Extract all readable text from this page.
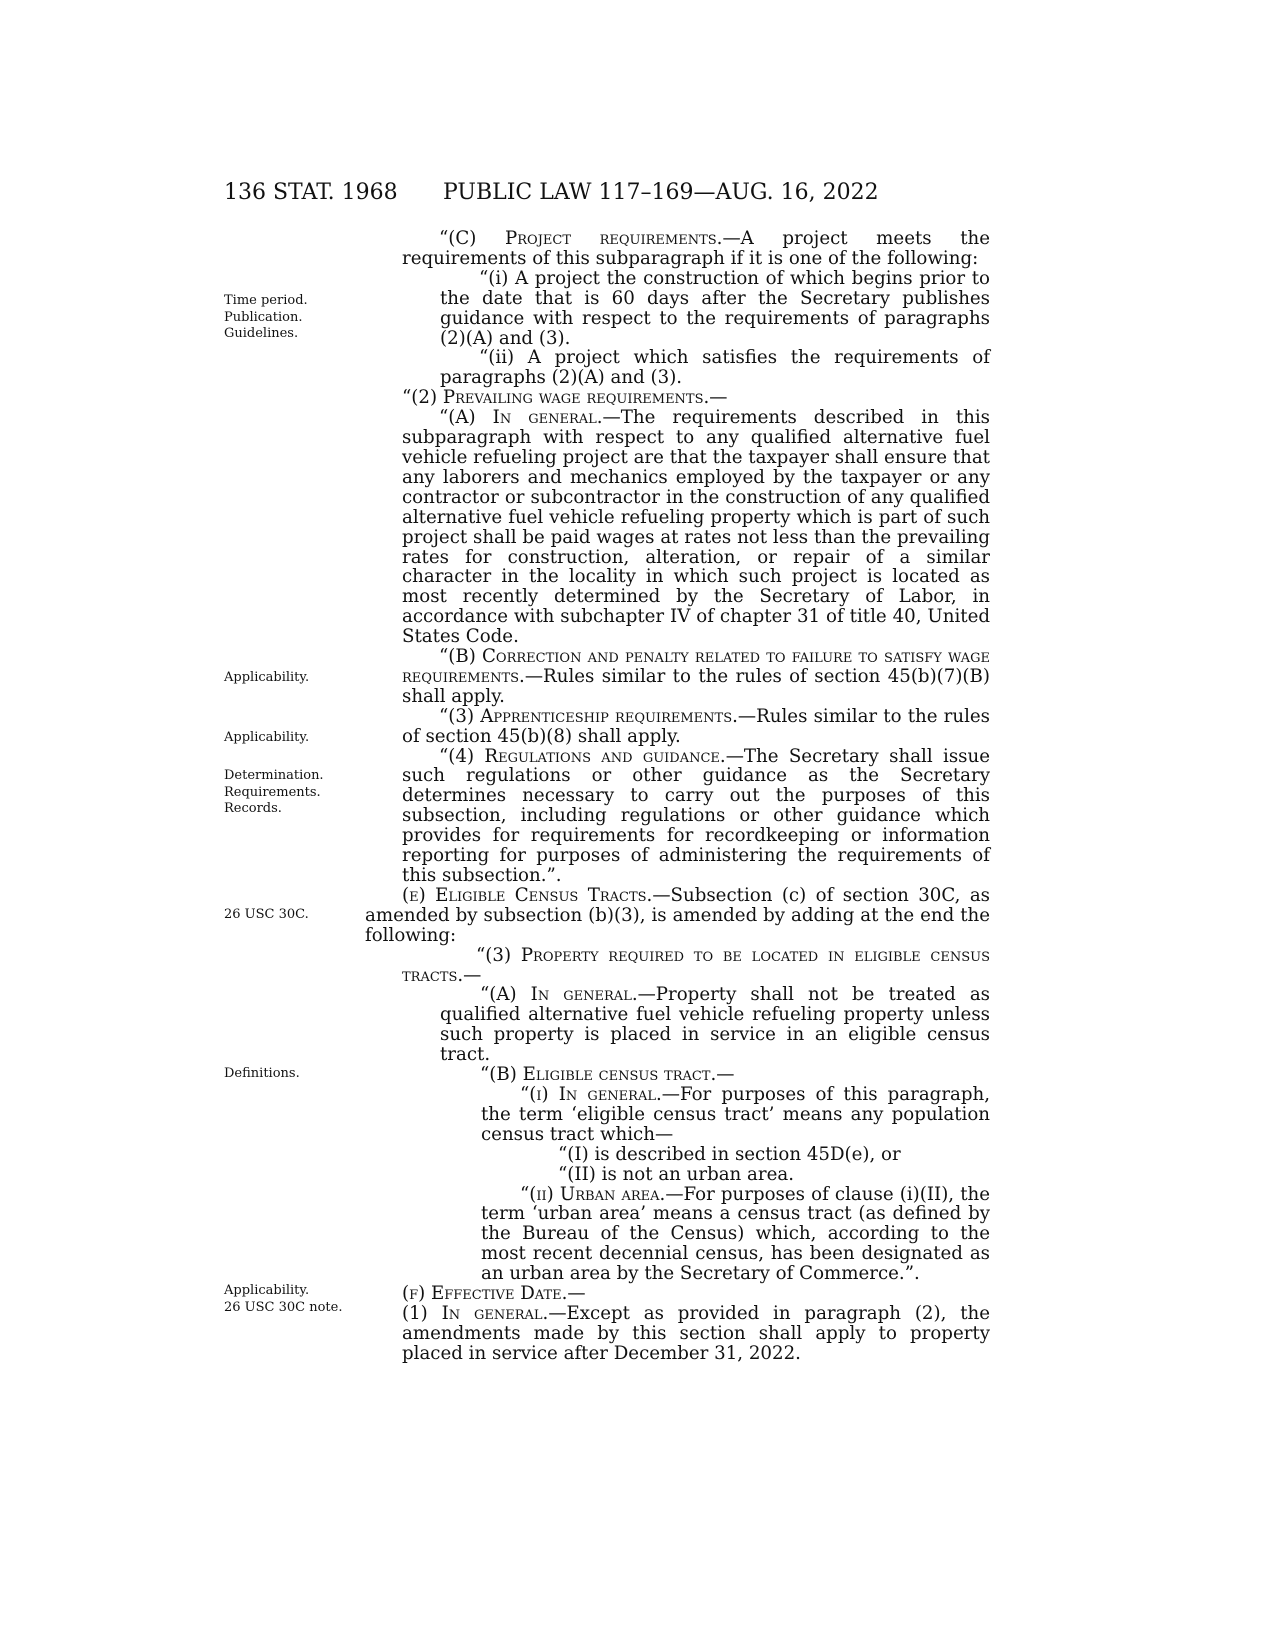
136 STAT. 1968 PUBLIC LAW 117–169—AUG. 16, 2022
Time period.
Publication.
Guidelines.
Applicability.
Applicability.
Determination.
Requirements.
Records.
26 USC 30C.
Definitions.
Applicability.
26 USC 30C note.

“(C) Project requirements.—A project meets the requirements of this subparagraph if it is one of the following:

“(i) A project the construction of which begins prior to the date that is 60 days after the Secretary publishes guidance with respect to the requirements of paragraphs (2)(A) and (3).

“(ii) A project which satisfies the requirements of paragraphs (2)(A) and (3).

“(2) Prevailing wage requirements.—

“(A) In general.—The requirements described in this subparagraph with respect to any qualified alternative fuel vehicle refueling project are that the taxpayer shall ensure that any laborers and mechanics employed by the taxpayer or any contractor or subcontractor in the construction of any qualified alternative fuel vehicle refueling property which is part of such project shall be paid wages at rates not less than the prevailing rates for construction, alteration, or repair of a similar character in the locality in which such project is located as most recently determined by the Secretary of Labor, in accordance with subchapter IV of chapter 31 of title 40, United States Code.

“(B) Correction and penalty related to failure to satisfy wage requirements.—Rules similar to the rules of section 45(b)(7)(B) shall apply.

“(3) Apprenticeship requirements.—Rules similar to the rules of section 45(b)(8) shall apply.

“(4) Regulations and guidance.—The Secretary shall issue such regulations or other guidance as the Secretary determines necessary to carry out the purposes of this subsection, including regulations or other guidance which provides for requirements for recordkeeping or information reporting for purposes of administering the requirements of this subsection.”.

(e) Eligible Census Tracts.—Subsection (c) of section 30C, as amended by subsection (b)(3), is amended by adding at the end the following:

“(3) Property required to be located in eligible census tracts.—

“(A) In general.—Property shall not be treated as qualified alternative fuel vehicle refueling property unless such property is placed in service in an eligible census tract.

“(B) Eligible census tract.—

“(i) In general.—For purposes of this paragraph, the term ‘eligible census tract’ means any population census tract which—

“(I) is described in section 45D(e), or

“(II) is not an urban area.

“(ii) Urban area.—For purposes of clause (i)(II), the term ‘urban area’ means a census tract (as defined by the Bureau of the Census) which, according to the most recent decennial census, has been designated as an urban area by the Secretary of Commerce.”.

(f) Effective Date.—

(1) In general.—Except as provided in paragraph (2), the amendments made by this section shall apply to property placed in service after December 31, 2022.
